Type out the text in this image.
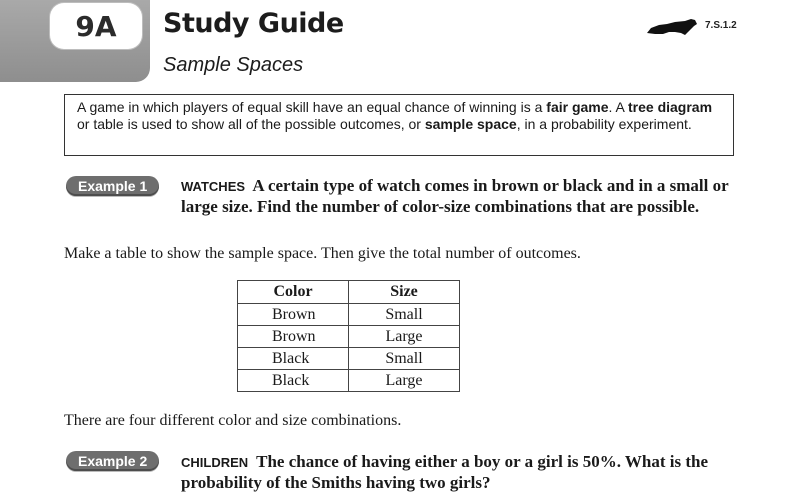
9A	Study Guide
Sample Spaces
7.S.1.2
A game in which players of equal skill have an equal chance of winning is a fair game. A tree diagram or table is used to show all of the possible outcomes, or sample space, in a probability experiment.
Example 1	WATCHES A certain type of watch comes in brown or black and in a small or large size. Find the number of color-size combinations that are possible.
Make a table to show the sample space. Then give the total number of outcomes.
Color	Size
Brown	Small
Brown	Large
Black	Small
Black	Large
There are four different color and size combinations.
Example 2	CHILDREN The chance of having either a boy or a girl is 50%. What is the probability of the Smiths having two girls?
